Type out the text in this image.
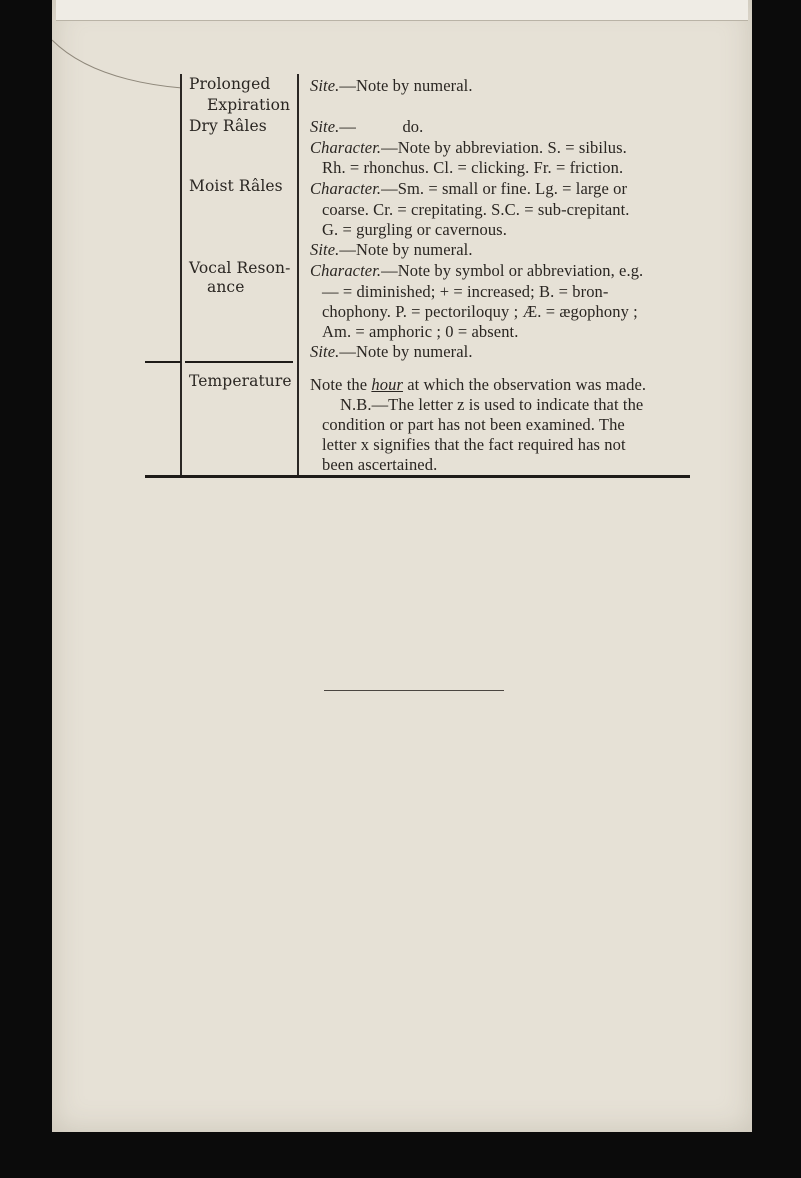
Prolonged
Expiration
Dry Râles
Moist Râles
Vocal Reson-
ance
Temperature
Site.—Note by numeral.
Site.—           do.
Character.—Note by abbreviation. S. = sibilus.
Rh. = rhonchus. Cl. = clicking. Fr. = friction.
Character.—Sm. = small or fine. Lg. = large or
coarse. Cr. = crepitating. S.C. = sub-crepitant.
G. = gurgling or cavernous.
Site.—Note by numeral.
Character.—Note by symbol or abbreviation, e.g.
— = diminished; + = increased; B. = bron-
chophony. P. = pectoriloquy ; Æ. = ægophony ;
Am. = amphoric ; 0 = absent.
Site.—Note by numeral.
Note the hour at which the observation was made.
N.B.—The letter z is used to indicate that the
condition or part has not been examined. The
letter x signifies that the fact required has not
been ascertained.
